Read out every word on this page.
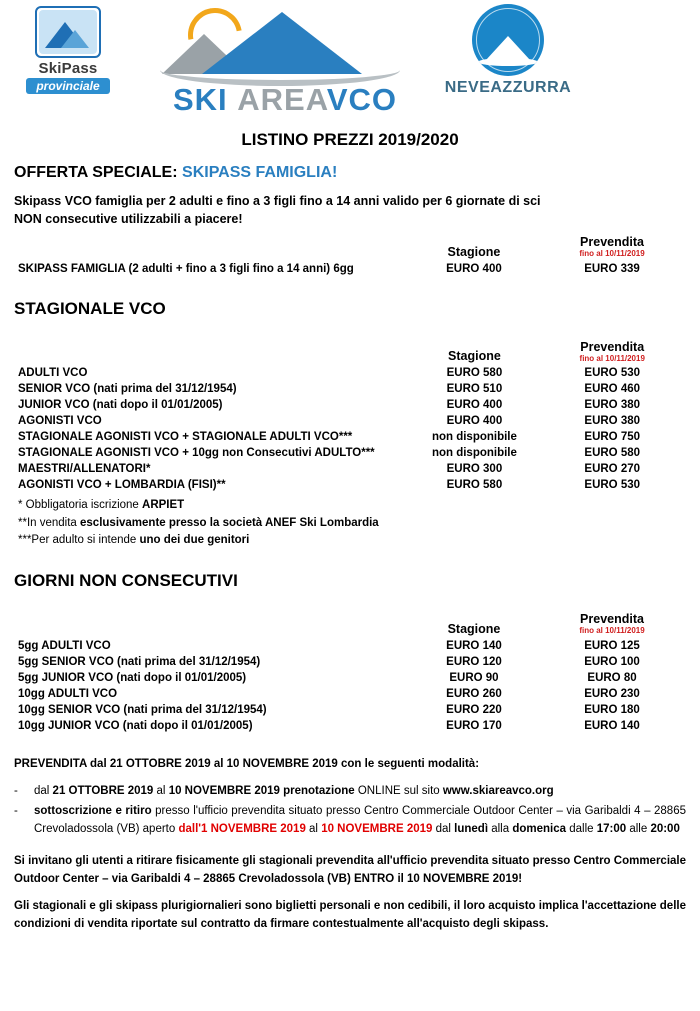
SkiPass
provinciale	SKI AREAVCO	NEVEAZZURRA
LISTINO PREZZI 2019/2020
OFFERTA SPECIALE: SKIPASS FAMIGLIA!
Skipass VCO famiglia per 2 adulti e fino a 3 figli fino a 14 anni valido per 6 giornate di sci
NON consecutive utilizzabili a piacere!
	Stagione	Prevendita
fino al 10/11/2019

SKIPASS FAMIGLIA (2 adulti + fino a 3 figli fino a 14 anni) 6gg	EURO 400	EURO 339
STAGIONALE VCO

	Stagione	Prevendita
fino al 10/11/2019

ADULTI VCO	EURO 580	EURO 530
SENIOR VCO (nati prima del 31/12/1954)	EURO 510	EURO 460
JUNIOR VCO (nati dopo il 01/01/2005)	EURO 400	EURO 380
AGONISTI VCO	EURO 400	EURO 380
STAGIONALE AGONISTI VCO + STAGIONALE ADULTI VCO***	non disponibile	EURO 750
STAGIONALE AGONISTI VCO + 10gg non Consecutivi ADULTO***	non disponibile	EURO 580
MAESTRI/ALLENATORI*	EURO 300	EURO 270
AGONISTI VCO + LOMBARDIA (FISI)**	EURO 580	EURO 530
* Obbligatoria iscrizione ARPIET
**In vendita esclusivamente presso la società ANEF Ski Lombardia
***Per adulto si intende uno dei due genitori
GIORNI NON CONSECUTIVI

	Stagione	Prevendita
fino al 10/11/2019

5gg ADULTI VCO	EURO 140	EURO 125
5gg SENIOR VCO (nati prima del 31/12/1954)	EURO 120	EURO 100
5gg JUNIOR VCO (nati dopo il 01/01/2005)	EURO 90	EURO 80
10gg ADULTI VCO	EURO 260	EURO 230
10gg SENIOR VCO (nati prima del 31/12/1954)	EURO 220	EURO 180
10gg JUNIOR VCO (nati dopo il 01/01/2005)	EURO 170	EURO 140

PREVENDITA dal 21 OTTOBRE 2019 al 10 NOVEMBRE 2019 con le seguenti modalità:

-	dal 21 OTTOBRE 2019 al 10 NOVEMBRE 2019 prenotazione ONLINE sul sito www.skiareavco.org
-	sottoscrizione e ritiro presso l'ufficio prevendita situato presso Centro Commerciale Outdoor Center – via Garibaldi 4 – 28865 Crevoladossola (VB) aperto dall'1 NOVEMBRE 2019 al 10 NOVEMBRE 2019 dal lunedì alla domenica dalle 17:00 alle 20:00

Si invitano gli utenti a ritirare fisicamente gli stagionali prevendita all'ufficio prevendita situato presso Centro Commerciale Outdoor Center – via Garibaldi 4 – 28865 Crevoladossola (VB) ENTRO il 10 NOVEMBRE 2019!

Gli stagionali e gli skipass plurigiornalieri sono biglietti personali e non cedibili, il loro acquisto implica l'accettazione delle condizioni di vendita riportate sul contratto da firmare contestualmente all'acquisto degli skipass.
